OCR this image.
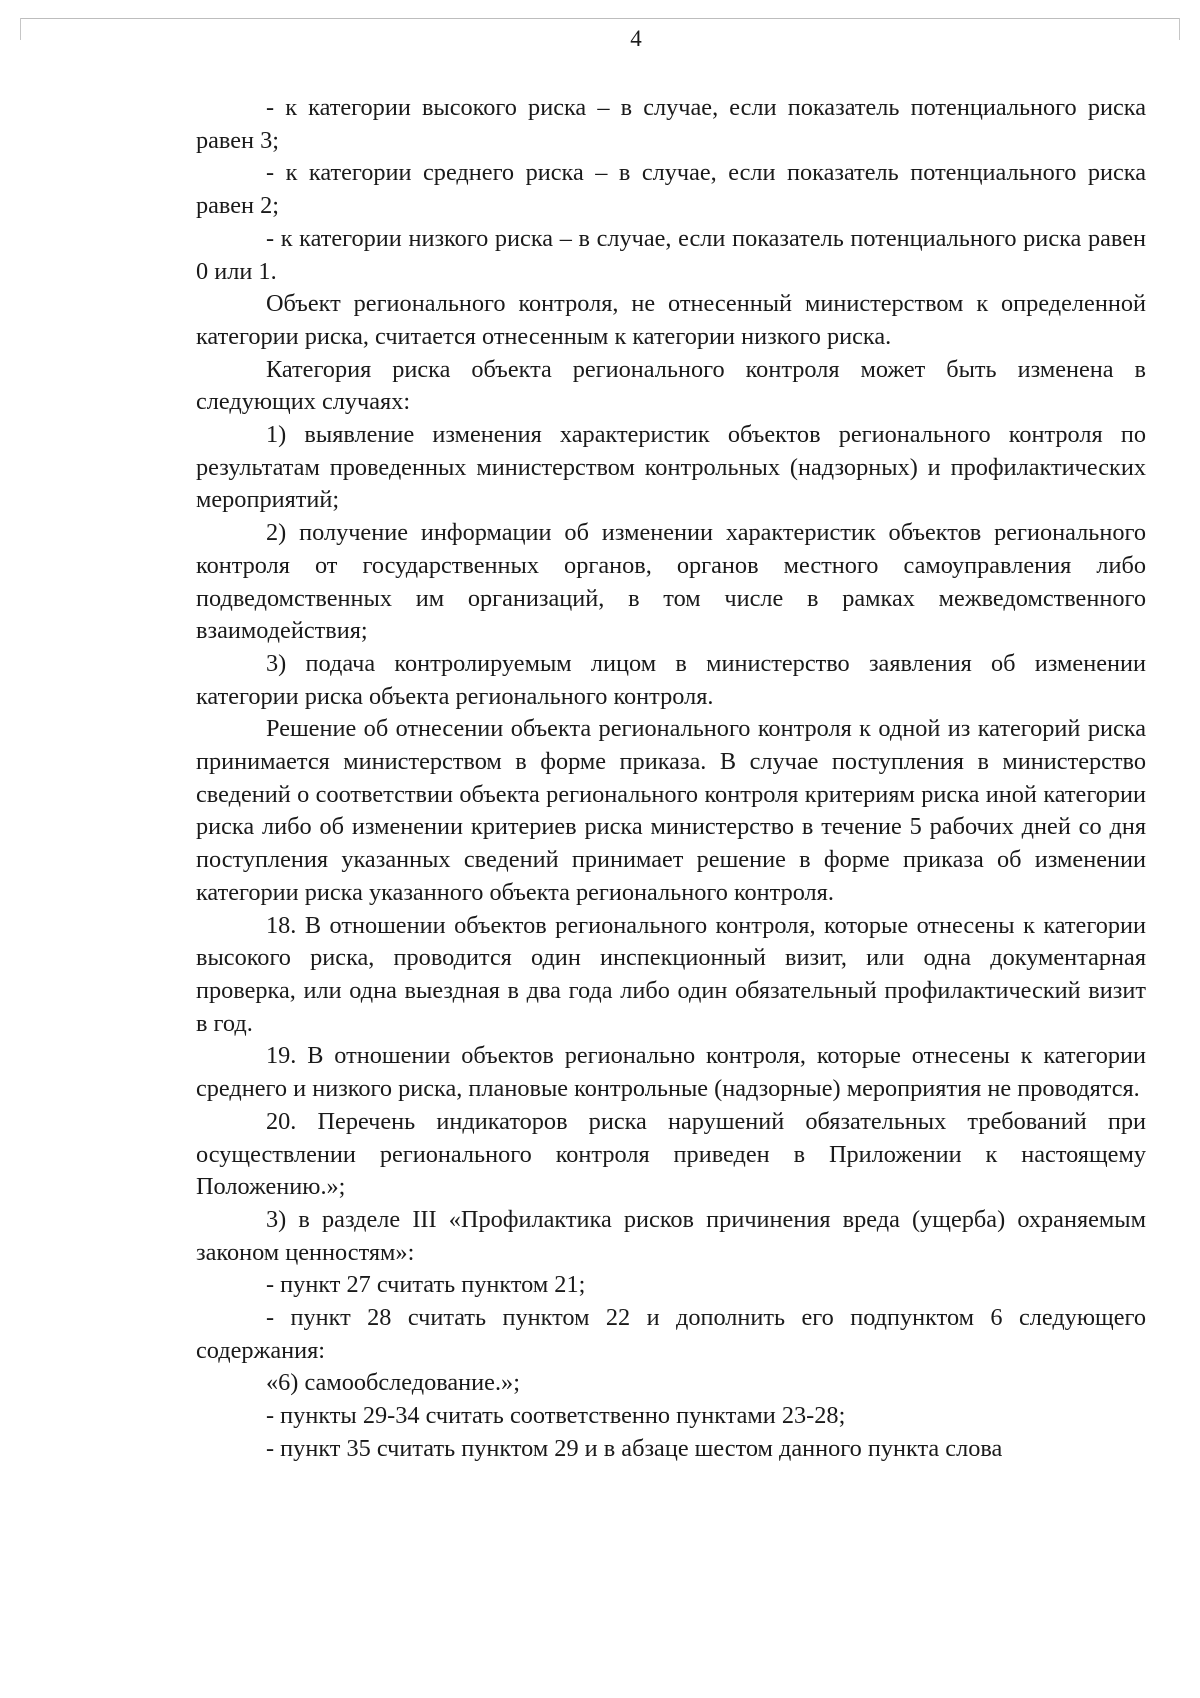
4

- к категории высокого риска – в случае, если показатель потенциального риска равен 3;

- к категории среднего риска – в случае, если показатель потенциального риска равен 2;

- к категории низкого риска – в случае, если показатель потенциального риска равен 0 или 1.

Объект регионального контроля, не отнесенный министерством к определенной категории риска, считается отнесенным к категории низкого риска.

Категория риска объекта регионального контроля может быть изменена в следующих случаях:

1) выявление изменения характеристик объектов регионального контроля по результатам проведенных министерством контрольных (надзорных) и профилактических мероприятий;

2) получение информации об изменении характеристик объектов регионального контроля от государственных органов, органов местного самоуправления либо подведомственных им организаций, в том числе в рамках межведомственного взаимодействия;

3) подача контролируемым лицом в министерство заявления об изменении категории риска объекта регионального контроля.

Решение об отнесении объекта регионального контроля к одной из категорий риска принимается министерством в форме приказа. В случае поступления в министерство сведений о соответствии объекта регионального контроля критериям риска иной категории риска либо об изменении критериев риска министерство в течение 5 рабочих дней со дня поступления указанных сведений принимает решение в форме приказа об изменении категории риска указанного объекта регионального контроля.

18. В отношении объектов регионального контроля, которые отнесены к категории высокого риска, проводится один инспекционный визит, или одна документарная проверка, или одна выездная в два года либо один обязательный профилактический визит в год.

19. В отношении объектов регионально контроля, которые отнесены к категории среднего и низкого риска, плановые контрольные (надзорные) мероприятия не проводятся.

20. Перечень индикаторов риска нарушений обязательных требований при осуществлении регионального контроля приведен в Приложении к настоящему Положению.»;

3) в разделе III «Профилактика рисков причинения вреда (ущерба) охраняемым законом ценностям»:

- пункт 27 считать пунктом 21;

- пункт 28 считать пунктом 22 и дополнить его подпунктом 6 следующего содержания:

«6) самообследование.»;

- пункты 29-34 считать соответственно пунктами 23-28;

- пункт 35 считать пунктом 29 и в абзаце шестом данного пункта слова
